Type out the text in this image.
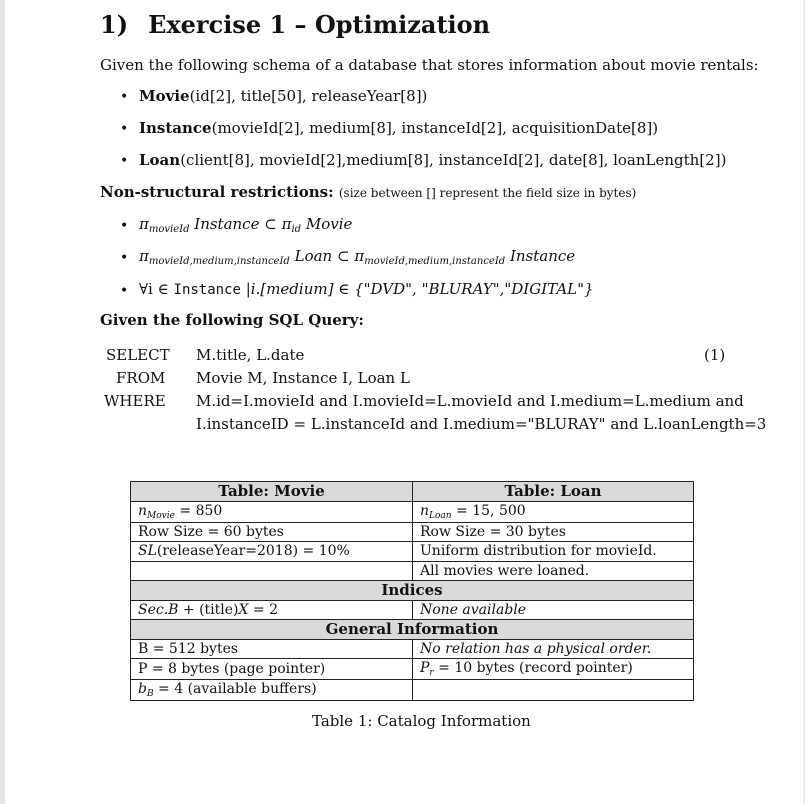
1) Exercise 1 – Optimization
Given the following schema of a database that stores information about movie rentals:
• Movie(id[2], title[50], releaseYear[8])
• Instance(movieId[2], medium[8], instanceId[2], acquisitionDate[8])
• Loan(client[8], movieId[2],medium[8], instanceId[2], date[8], loanLength[2])
Non-structural restrictions: (size between [] represent the field size in bytes)
• $\pi_{movieId}$ Instance ⊂ $\pi_{id}$ Movie
• $\pi_{movieId,medium,instanceId}$ Loan ⊂ $\pi_{movieId,medium,instanceId}$ Instance
• ∀i ∈ Instance |i.[medium] ∈ {"DVD", "BLURAY","DIGITAL"}
Given the following SQL Query:
SELECT M.title, L.date	(1)
FROM Movie M, Instance I, Loan L
WHERE M.id=I.movieId and I.movieId=L.movieId and I.medium=L.medium and
I.instanceID = L.instanceId and I.medium="BLURAY" and L.loanLength=3
Table: Movie	Table: Loan
$n_{Movie} = 850$	$n_{Loan} = 15$, 500
Row Size = 60 bytes	Row Size = 30 bytes
SL(releaseYear=2018) = 10%	Uniform distribution for movieId.
	All movies were loaned.
Indices	
Sec.B + (title)X = 2	None available
General Information	
B = 512 bytes	No relation has a physical order.
P = 8 bytes (page pointer)	$P_r = 10$ bytes (record pointer)
$b_B = 4$ (available buffers)	
Table 1: Catalog Information
